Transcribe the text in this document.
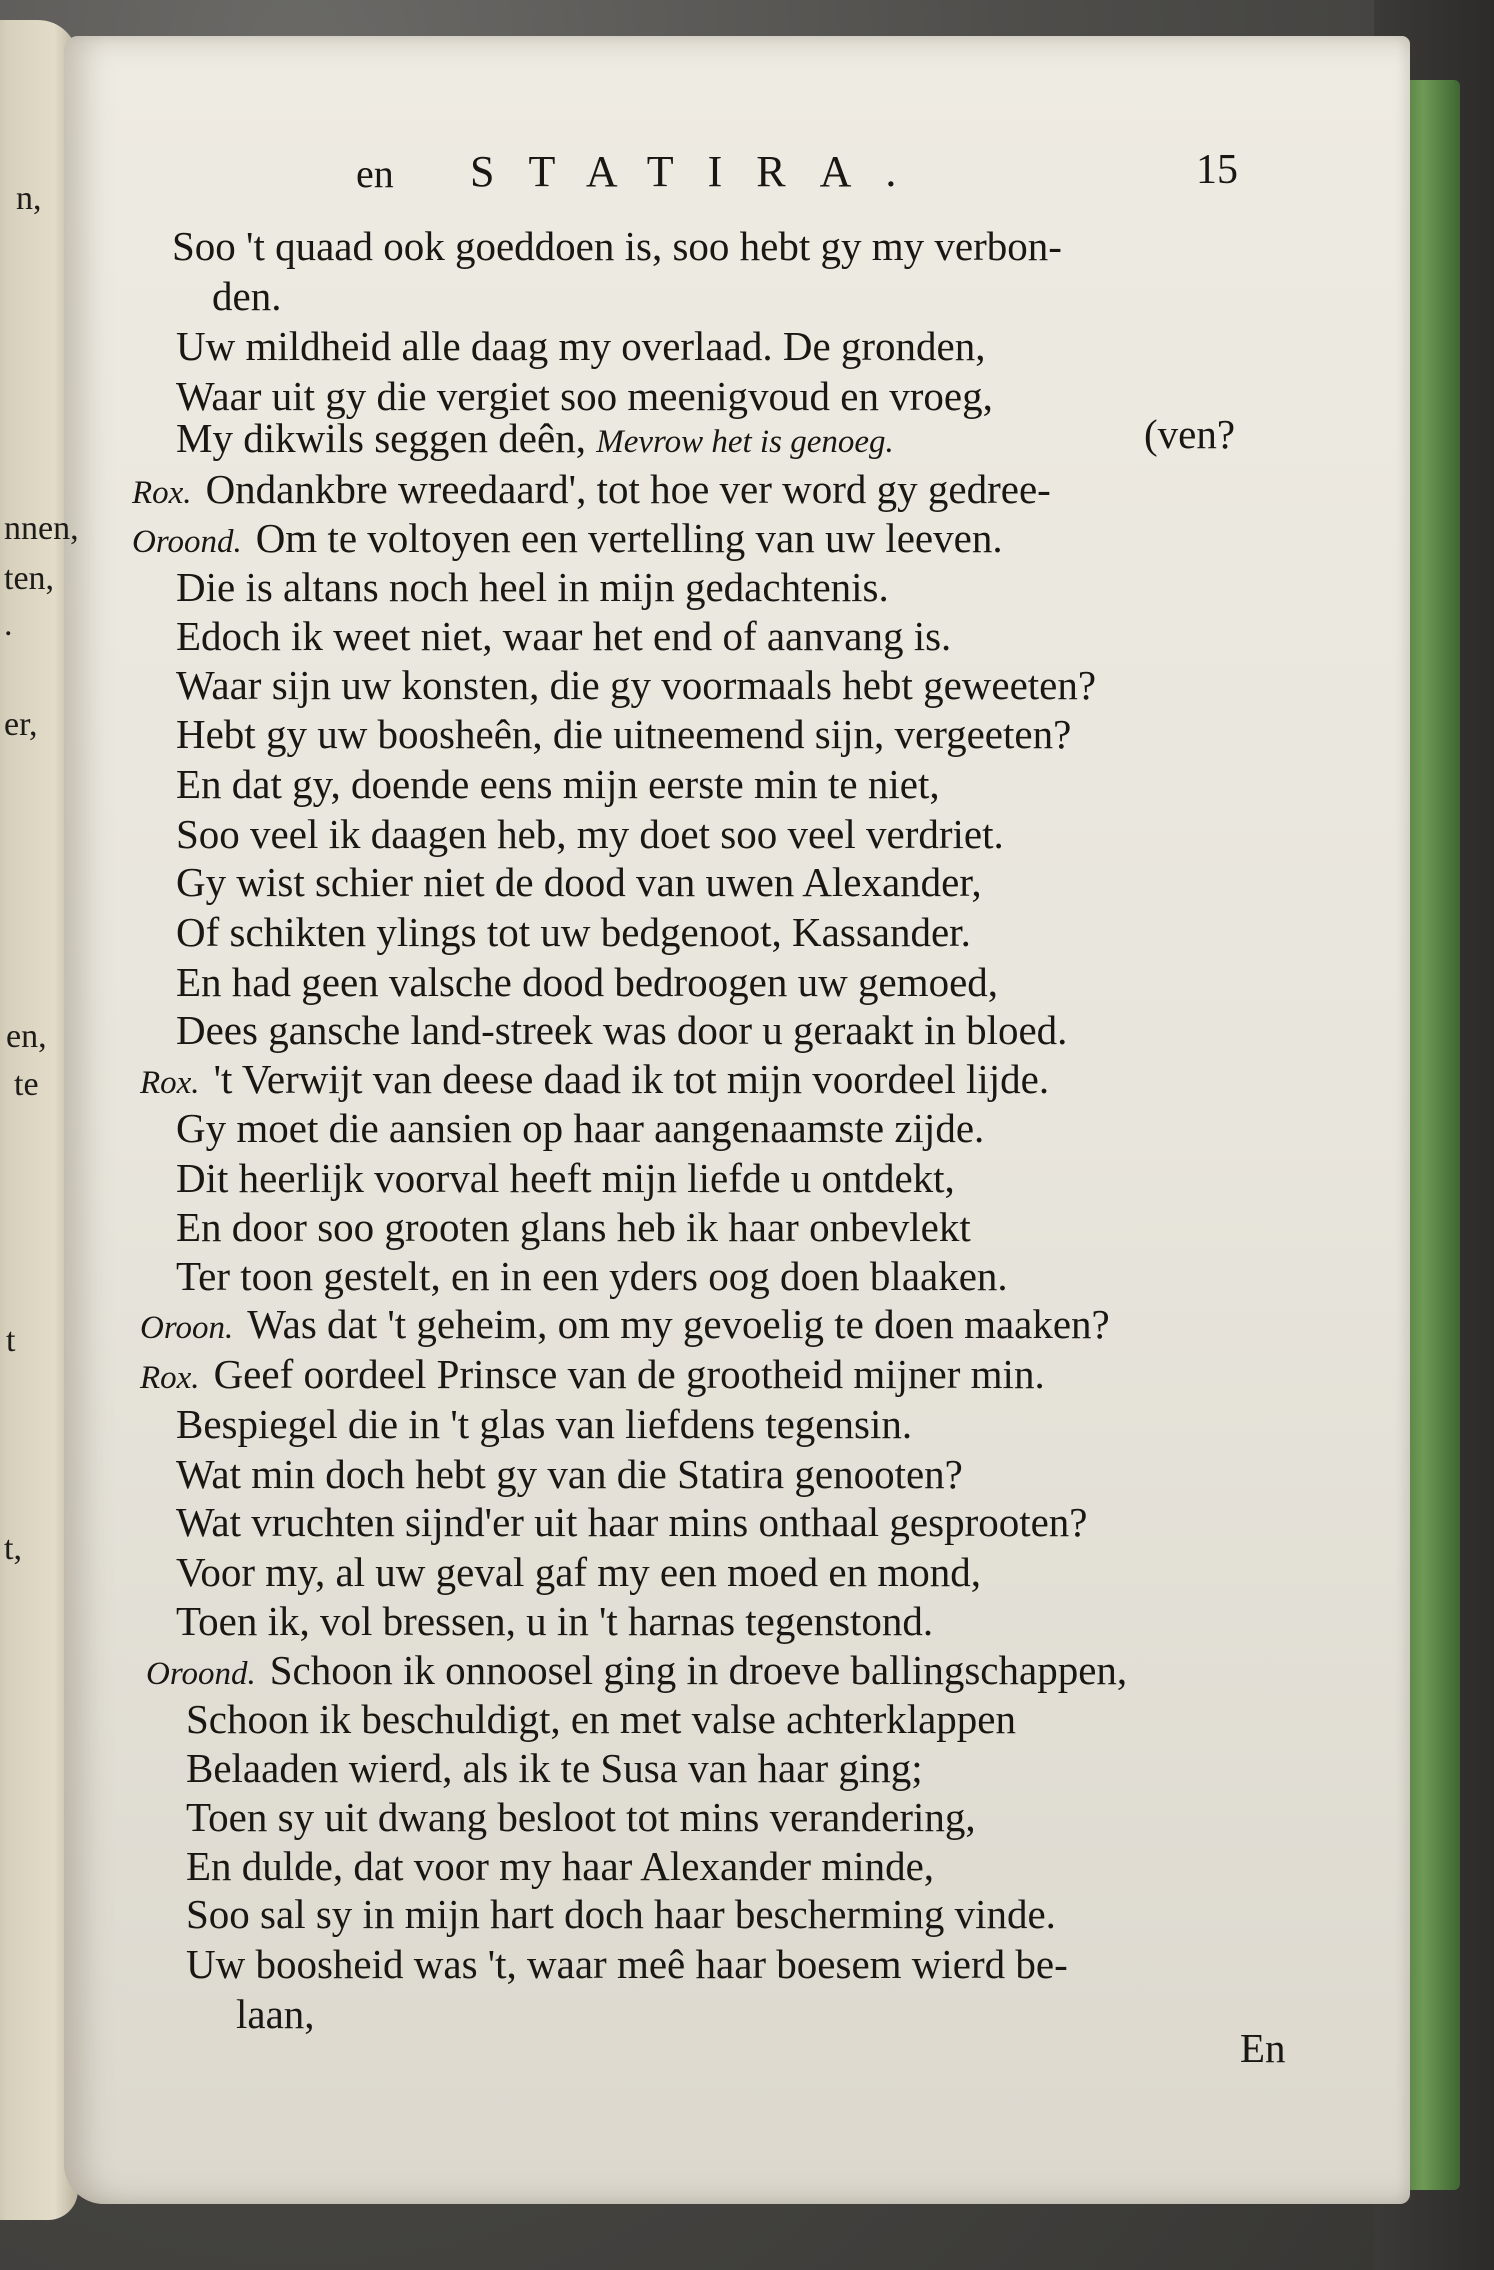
n,
nnen,
ten,
.
er,
en,
te
t
t,
en STATIRA.	15
Soo 't quaad ook goeddoen is, soo hebt gy my verbon-
den.
Uw mildheid alle daag my overlaad. De gronden,
Waar uit gy die vergiet soo meenigvoud en vroeg,
My dikwils seggen deên, Mevrow het is genoeg.
Rox. Ondankbre wreedaard', tot hoe ver word gy gedree-
Oroond. Om te voltoyen een vertelling van uw leeven.
Die is altans noch heel in mijn gedachtenis.
Edoch ik weet niet, waar het end of aanvang is.
Waar sijn uw konsten, die gy voormaals hebt geweeten?
Hebt gy uw boosheên, die uitneemend sijn, vergeeten?
En dat gy, doende eens mijn eerste min te niet,
Soo veel ik daagen heb, my doet soo veel verdriet.
Gy wist schier niet de dood van uwen Alexander,
Of schikten ylings tot uw bedgenoot, Kassander.
En had geen valsche dood bedroogen uw gemoed,
Dees gansche land-streek was door u geraakt in bloed.
Rox. 't Verwijt van deese daad ik tot mijn voordeel lijde.
Gy moet die aansien op haar aangenaamste zijde.
Dit heerlijk voorval heeft mijn liefde u ontdekt,
En door soo grooten glans heb ik haar onbevlekt
Ter toon gestelt, en in een yders oog doen blaaken.
Oroon. Was dat 't geheim, om my gevoelig te doen maaken?
Rox. Geef oordeel Prinsce van de grootheid mijner min.
Bespiegel die in 't glas van liefdens tegensin.
Wat min doch hebt gy van die Statira genooten?
Wat vruchten sijnd'er uit haar mins onthaal gesprooten?
Voor my, al uw geval gaf my een moed en mond,
Toen ik, vol bressen, u in 't harnas tegenstond.
Oroond. Schoon ik onnoosel ging in droeve ballingschappen,
Schoon ik beschuldigt, en met valse achterklappen
Belaaden wierd, als ik te Susa van haar ging;
Toen sy uit dwang besloot tot mins verandering,
En dulde, dat voor my haar Alexander minde,
Soo sal sy in mijn hart doch haar bescherming vinde.
Uw boosheid was 't, waar meê haar boesem wierd be-
laan,
(ven?
En
